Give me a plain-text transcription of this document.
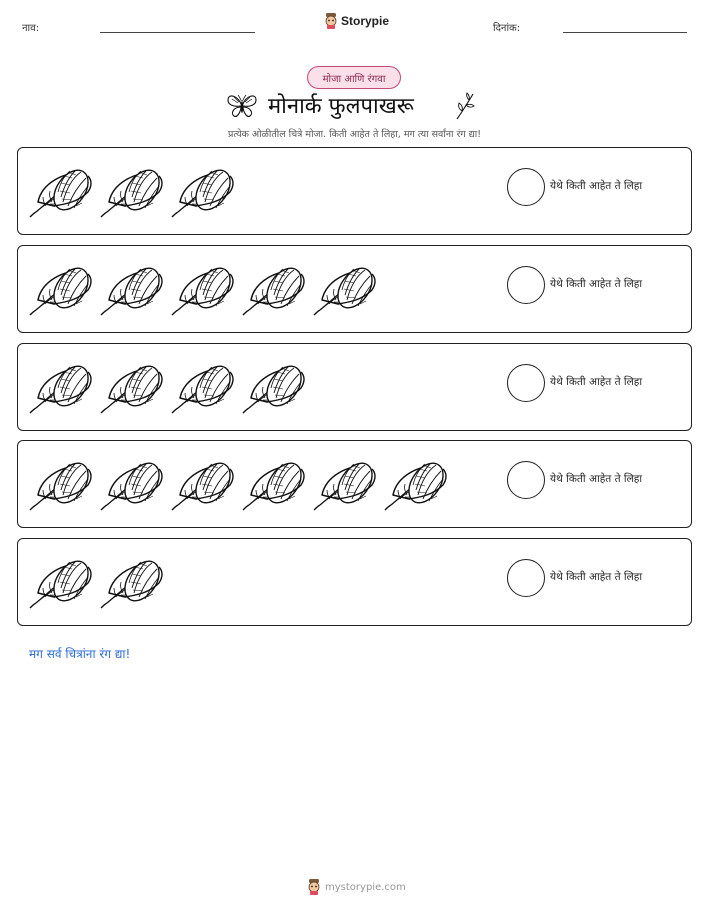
नाव:
Storypie
दिनांक:
मोजा आणि रंगवा
मोनार्क फुलपाखरू
प्रत्येक ओळीतील चित्रे मोजा. किती आहेत ते लिहा, मग त्या सर्वांना रंग द्या!
येथे किती आहेत ते लिहा
येथे किती आहेत ते लिहा
येथे किती आहेत ते लिहा
येथे किती आहेत ते लिहा
येथे किती आहेत ते लिहा
मग सर्व चित्रांना रंग द्या!
mystorypie.com
